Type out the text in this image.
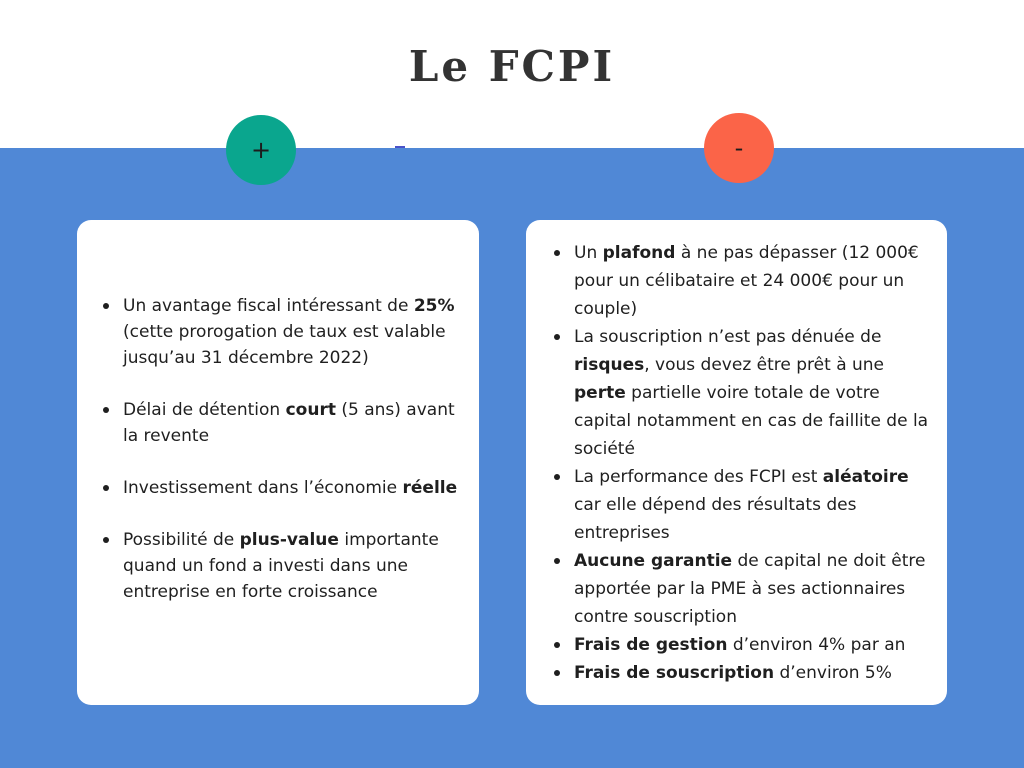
Le FCPI
+	-
Un avantage fiscal intéressant de 25% (cette prorogation de taux est valable jusqu’au 31 décembre 2022)
Délai de détention court (5 ans) avant la revente
Investissement dans l’économie réelle
Possibilité de plus-value importante quand un fond a investi dans une entreprise en forte croissance
Un plafond à ne pas dépasser (12 000€ pour un célibataire et 24 000€ pour un couple)
La souscription n’est pas dénuée de risques, vous devez être prêt à une perte partielle voire totale de votre capital notamment en cas de faillite de la société
La performance des FCPI est aléatoire car elle dépend des résultats des entreprises
Aucune garantie de capital ne doit être apportée par la PME à ses actionnaires contre souscription
Frais de gestion d’environ 4% par an
Frais de souscription d’environ 5%
